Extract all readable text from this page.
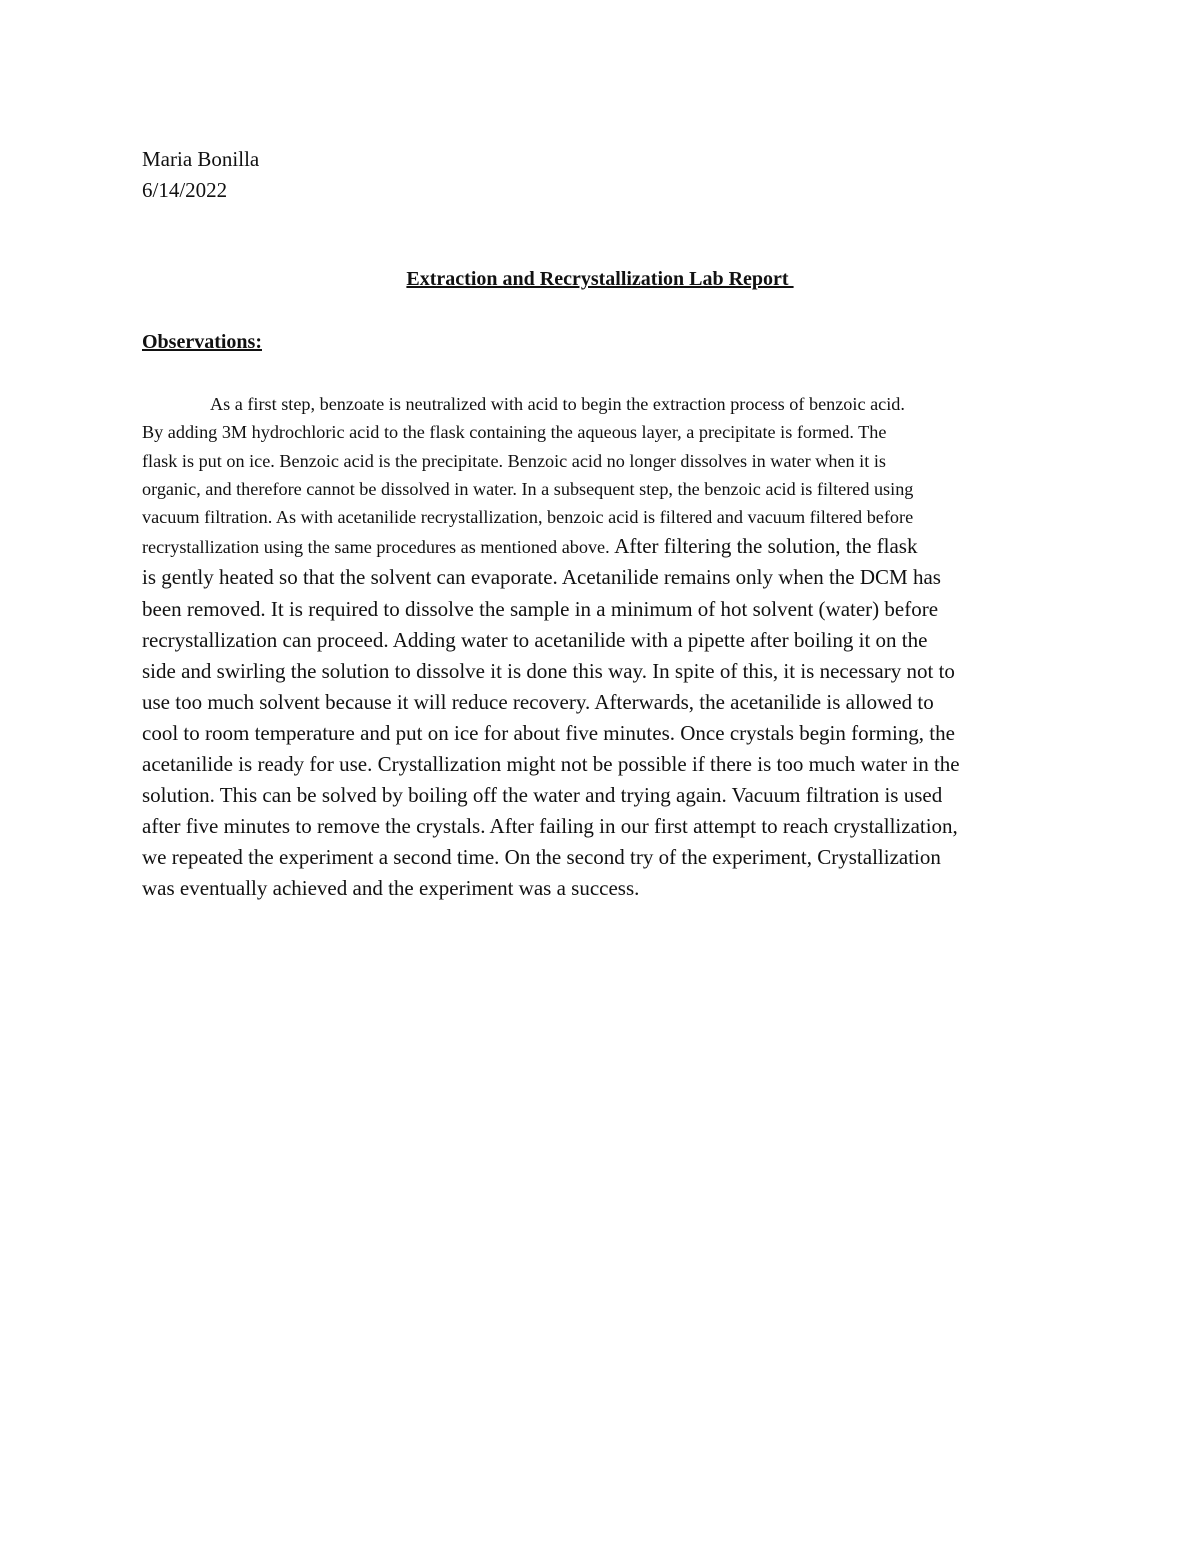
Maria Bonilla
6/14/2022
Extraction and Recrystallization Lab Report
Observations:
As a first step, benzoate is neutralized with acid to begin the extraction process of benzoic acid.
By adding 3M hydrochloric acid to the flask containing the aqueous layer, a precipitate is formed. The
flask is put on ice. Benzoic acid is the precipitate. Benzoic acid no longer dissolves in water when it is
organic, and therefore cannot be dissolved in water. In a subsequent step, the benzoic acid is filtered using
vacuum filtration. As with acetanilide recrystallization, benzoic acid is filtered and vacuum filtered before
recrystallization using the same procedures as mentioned above. After filtering the solution, the flask
is gently heated so that the solvent can evaporate. Acetanilide remains only when the DCM has
been removed. It is required to dissolve the sample in a minimum of hot solvent (water) before
recrystallization can proceed. Adding water to acetanilide with a pipette after boiling it on the
side and swirling the solution to dissolve it is done this way. In spite of this, it is necessary not to
use too much solvent because it will reduce recovery. Afterwards, the acetanilide is allowed to
cool to room temperature and put on ice for about five minutes. Once crystals begin forming, the
acetanilide is ready for use. Crystallization might not be possible if there is too much water in the
solution. This can be solved by boiling off the water and trying again. Vacuum filtration is used
after five minutes to remove the crystals. After failing in our first attempt to reach crystallization,
we repeated the experiment a second time. On the second try of the experiment, Crystallization
was eventually achieved and the experiment was a success.
